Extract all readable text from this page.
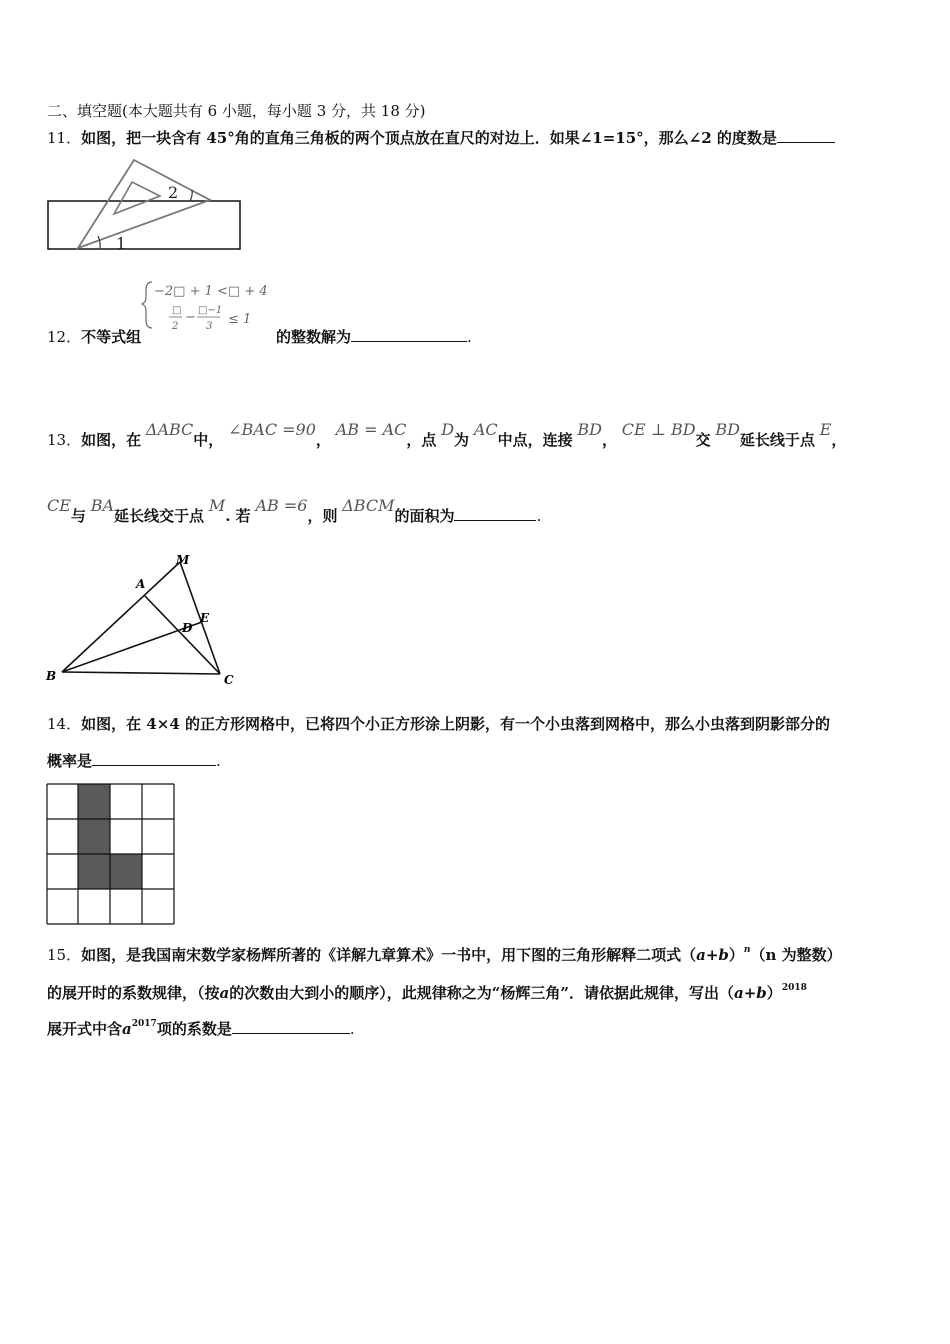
二、填空题(本大题共有 6 小题，每小题 3 分，共 18 分)
11．如图，把一块含有 45°角的直角三角板的两个顶点放在直尺的对边上．如果∠1=15°，那么∠2 的度数是
1
2
12．不等式组
−2□ + 1 <□ + 4
□
2
− □−1
3 ≤ 1
的整数解为	.
13．如图，在 ΔABC中， ∠BAC =90， AB = AC，点 D为 AC中点，连接 BD， CE ⊥ BD交 BD延长线于点 E，
CE与 BA延长线交于点 M. 若 AB =6，则 ΔBCM的面积为	.
A
B	C
D
E
M
14．如图，在 4×4 的正方形网格中，已将四个小正方形涂上阴影，有一个小虫落到网格中，那么小虫落到阴影部分的
概率是	.
15．如图，是我国南宋数学家杨辉所著的《详解九章算术》一书中，用下图的三角形解释二项式$(a+b)^n(n$ 为整数）
的展开时的系数规律，（按a的次数由大到小的顺序），此规律称之为“杨辉三角”．请依据此规律，写出$(a+b)^{2018}$
展开式中含$a^{2017}$项的系数是	.
